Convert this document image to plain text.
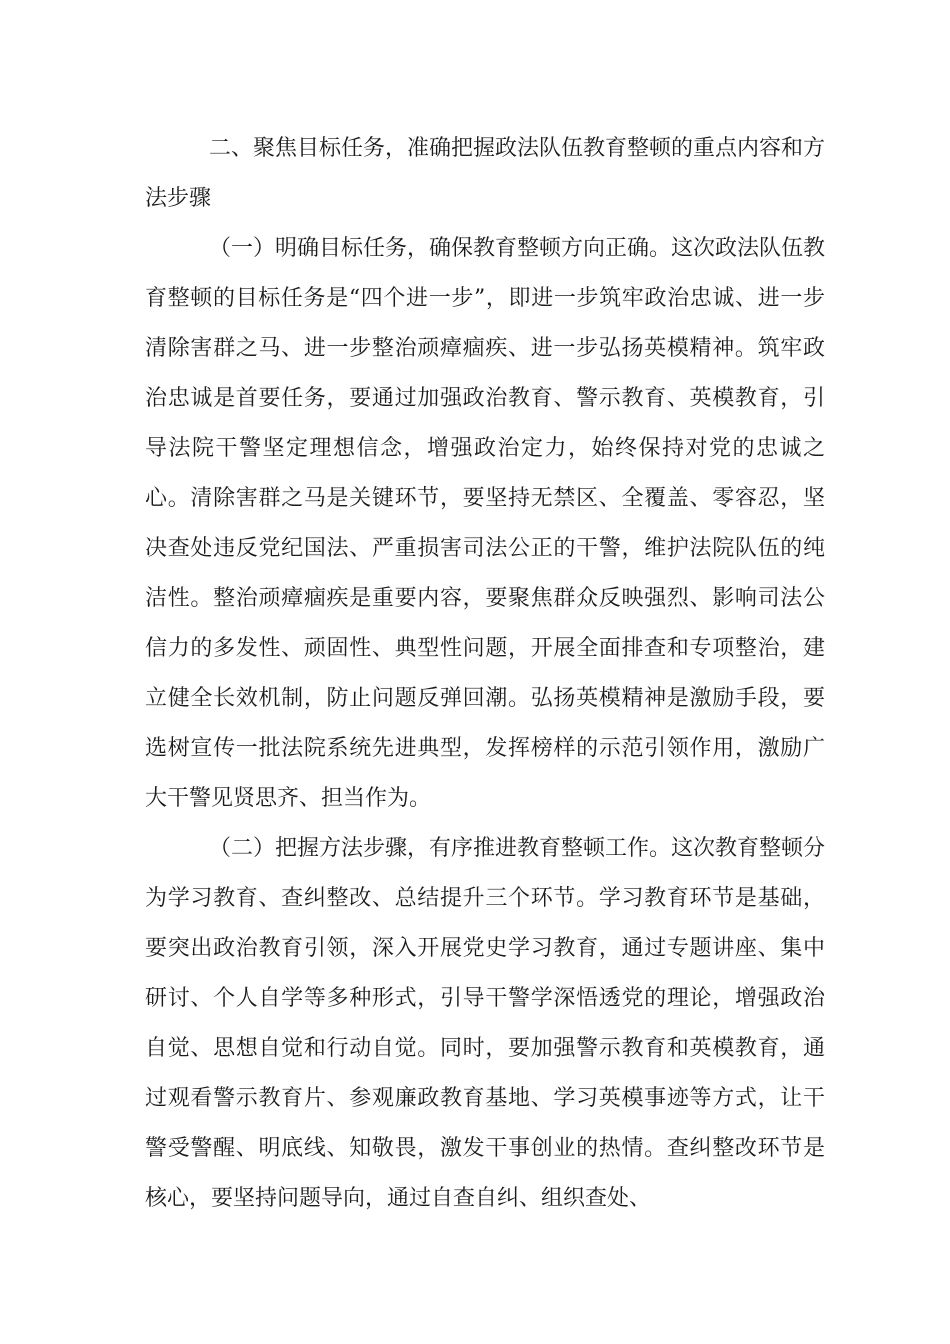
二、聚焦目标任务，准确把握政法队伍教育整顿的重点内容和方法步骤

（一）明确目标任务，确保教育整顿方向正确。这次政法队伍教育整顿的目标任务是“四个进一步”，即进一步筑牢政治忠诚、进一步清除害群之马、进一步整治顽瘴痼疾、进一步弘扬英模精神。筑牢政治忠诚是首要任务，要通过加强政治教育、警示教育、英模教育，引导法院干警坚定理想信念，增强政治定力，始终保持对党的忠诚之心。清除害群之马是关键环节，要坚持无禁区、全覆盖、零容忍，坚决查处违反党纪国法、严重损害司法公正的干警，维护法院队伍的纯洁性。整治顽瘴痼疾是重要内容，要聚焦群众反映强烈、影响司法公信力的多发性、顽固性、典型性问题，开展全面排查和专项整治，建立健全长效机制，防止问题反弹回潮。弘扬英模精神是激励手段，要选树宣传一批法院系统先进典型，发挥榜样的示范引领作用，激励广大干警见贤思齐、担当作为。

（二）把握方法步骤，有序推进教育整顿工作。这次教育整顿分为学习教育、查纠整改、总结提升三个环节。学习教育环节是基础，要突出政治教育引领，深入开展党史学习教育，通过专题讲座、集中研讨、个人自学等多种形式，引导干警学深悟透党的理论，增强政治自觉、思想自觉和行动自觉。同时，要加强警示教育和英模教育，通过观看警示教育片、参观廉政教育基地、学习英模事迹等方式，让干警受警醒、明底线、知敬畏，激发干事创业的热情。查纠整改环节是核心，要坚持问题导向，通过自查自纠、组织查处、
